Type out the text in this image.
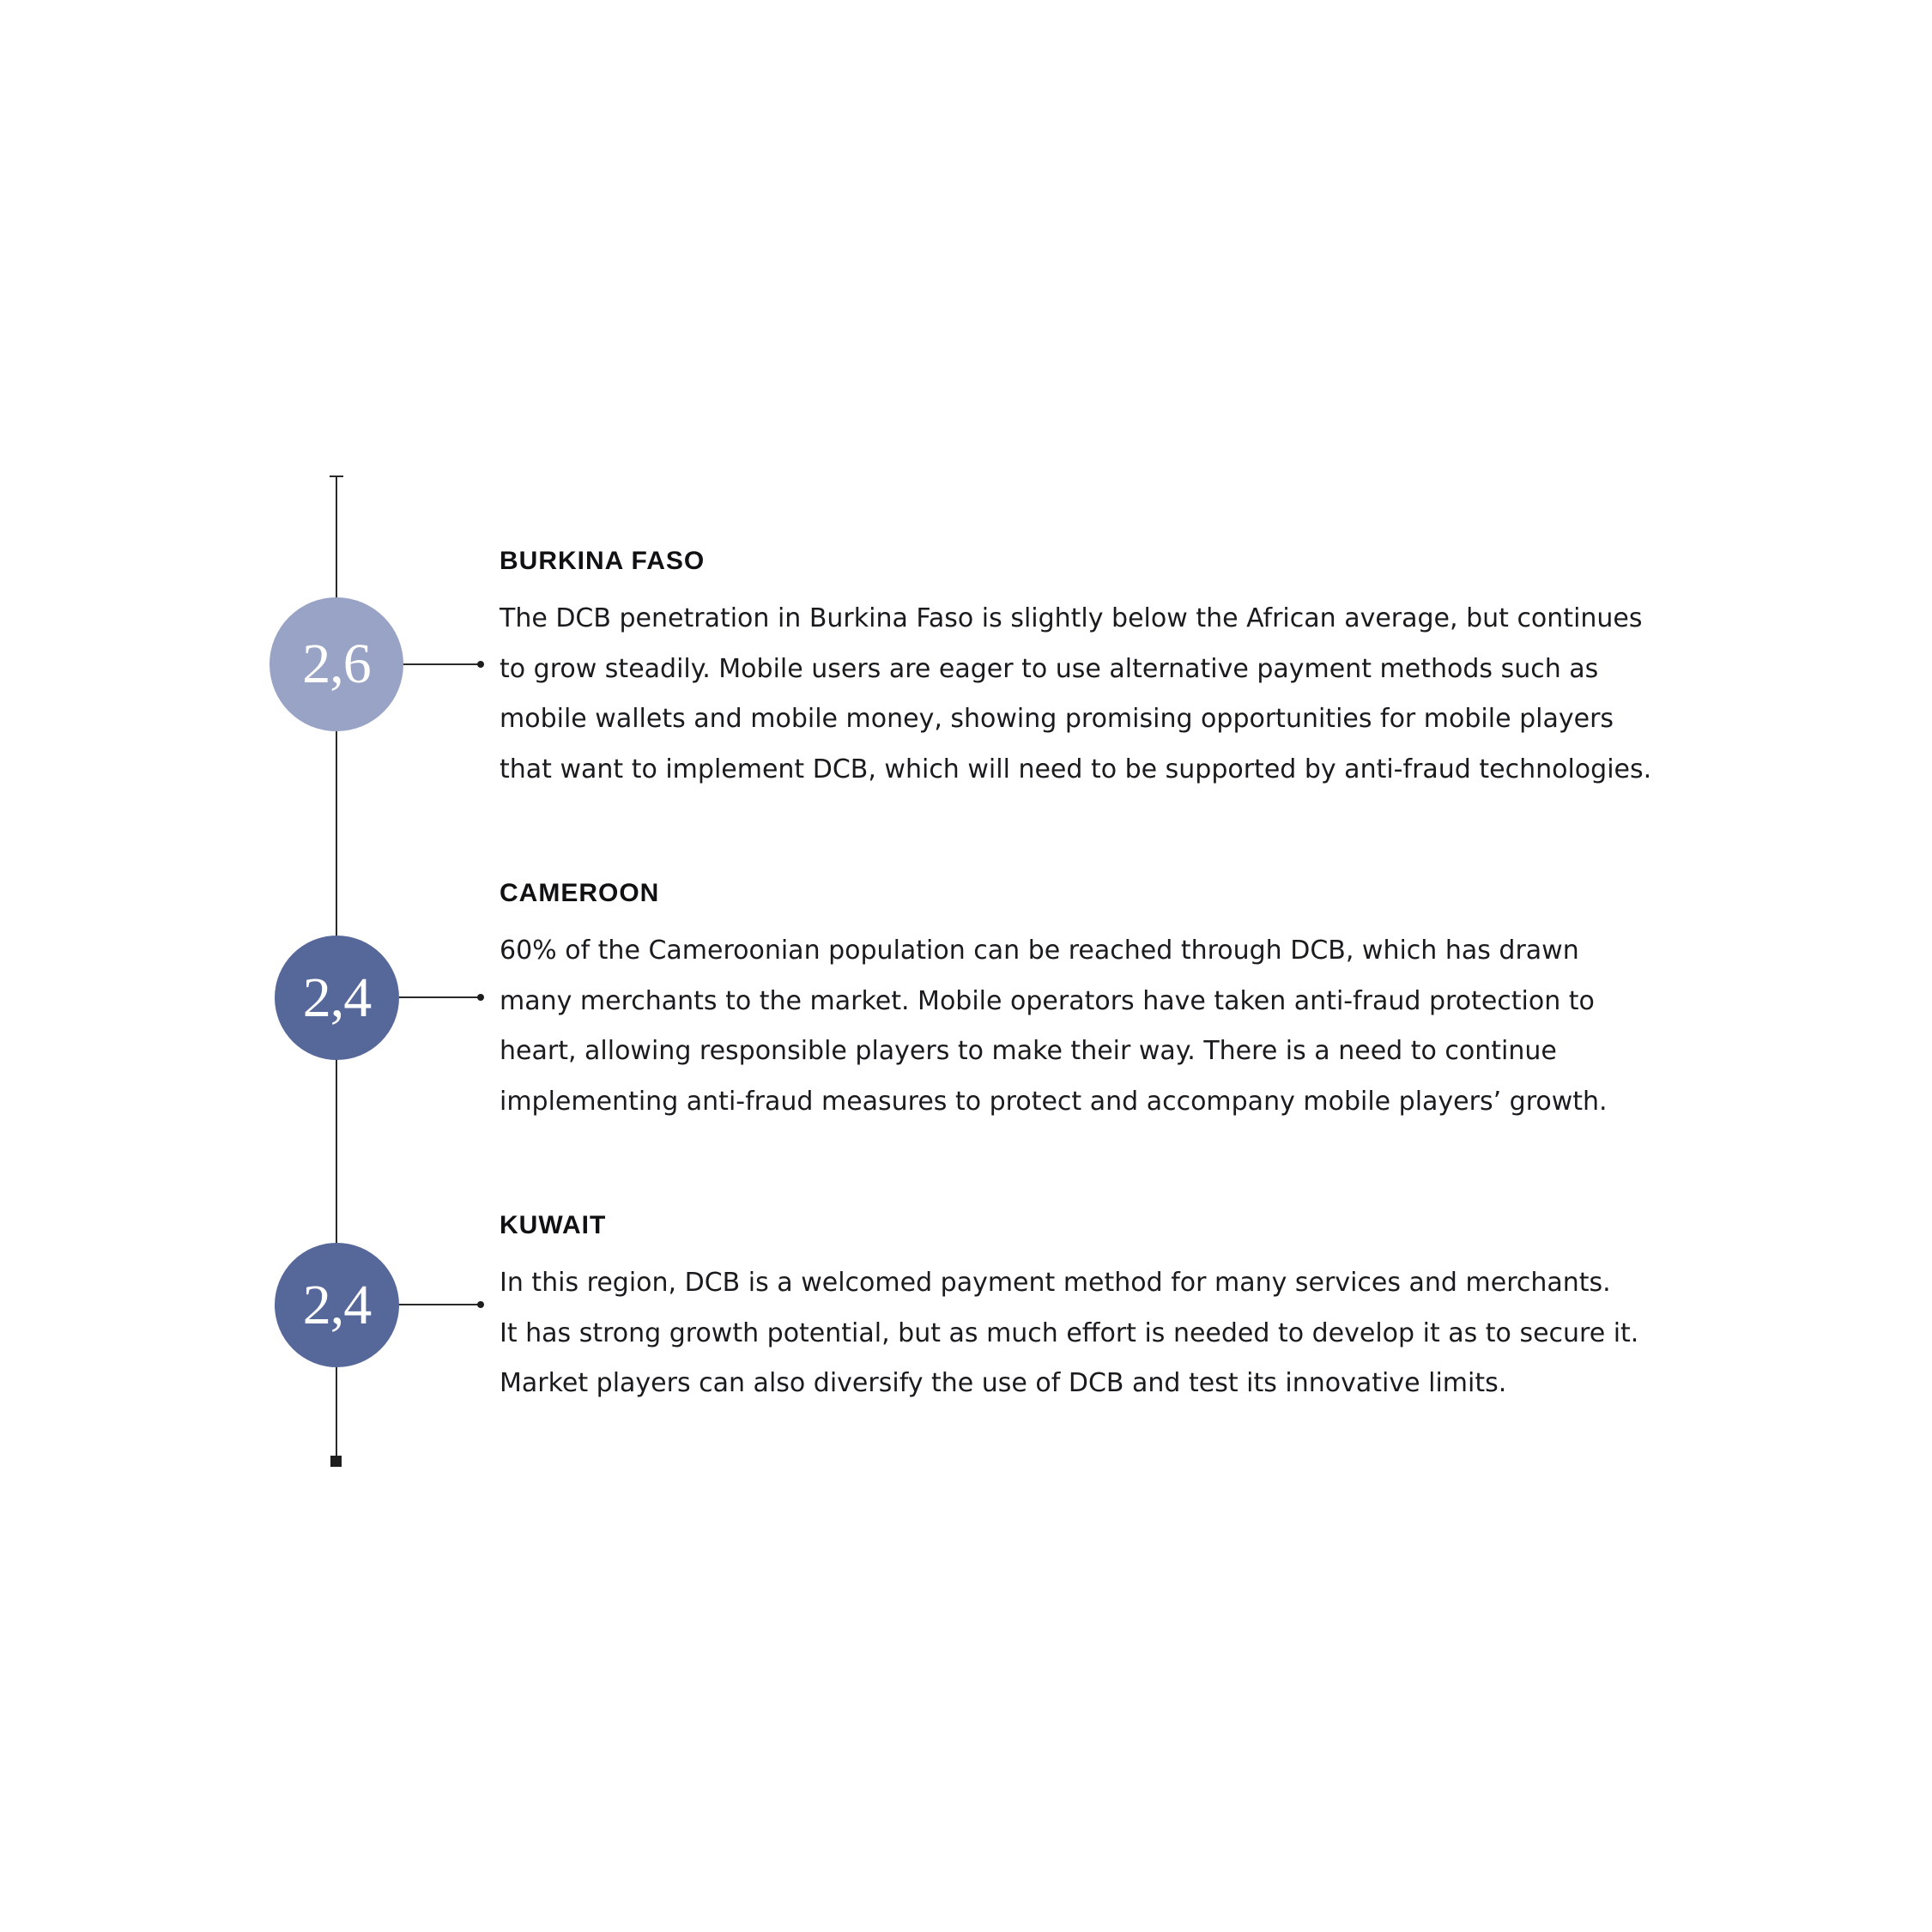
2,6
2,4
2,4
BURKINA FASO

The DCB penetration in Burkina Faso is slightly below the African average, but continues
to grow steadily. Mobile users are eager to use alternative payment methods such as
mobile wallets and mobile money, showing promising opportunities for mobile players
that want to implement DCB, which will need to be supported by anti-fraud technologies.

CAMEROON

60% of the Cameroonian population can be reached through DCB, which has drawn
many merchants to the market. Mobile operators have taken anti-fraud protection to
heart, allowing responsible players to make their way. There is a need to continue
implementing anti-fraud measures to protect and accompany mobile players’ growth.

KUWAIT

In this region, DCB is a welcomed payment method for many services and merchants.
It has strong growth potential, but as much effort is needed to develop it as to secure it.
Market players can also diversify the use of DCB and test its innovative limits.
